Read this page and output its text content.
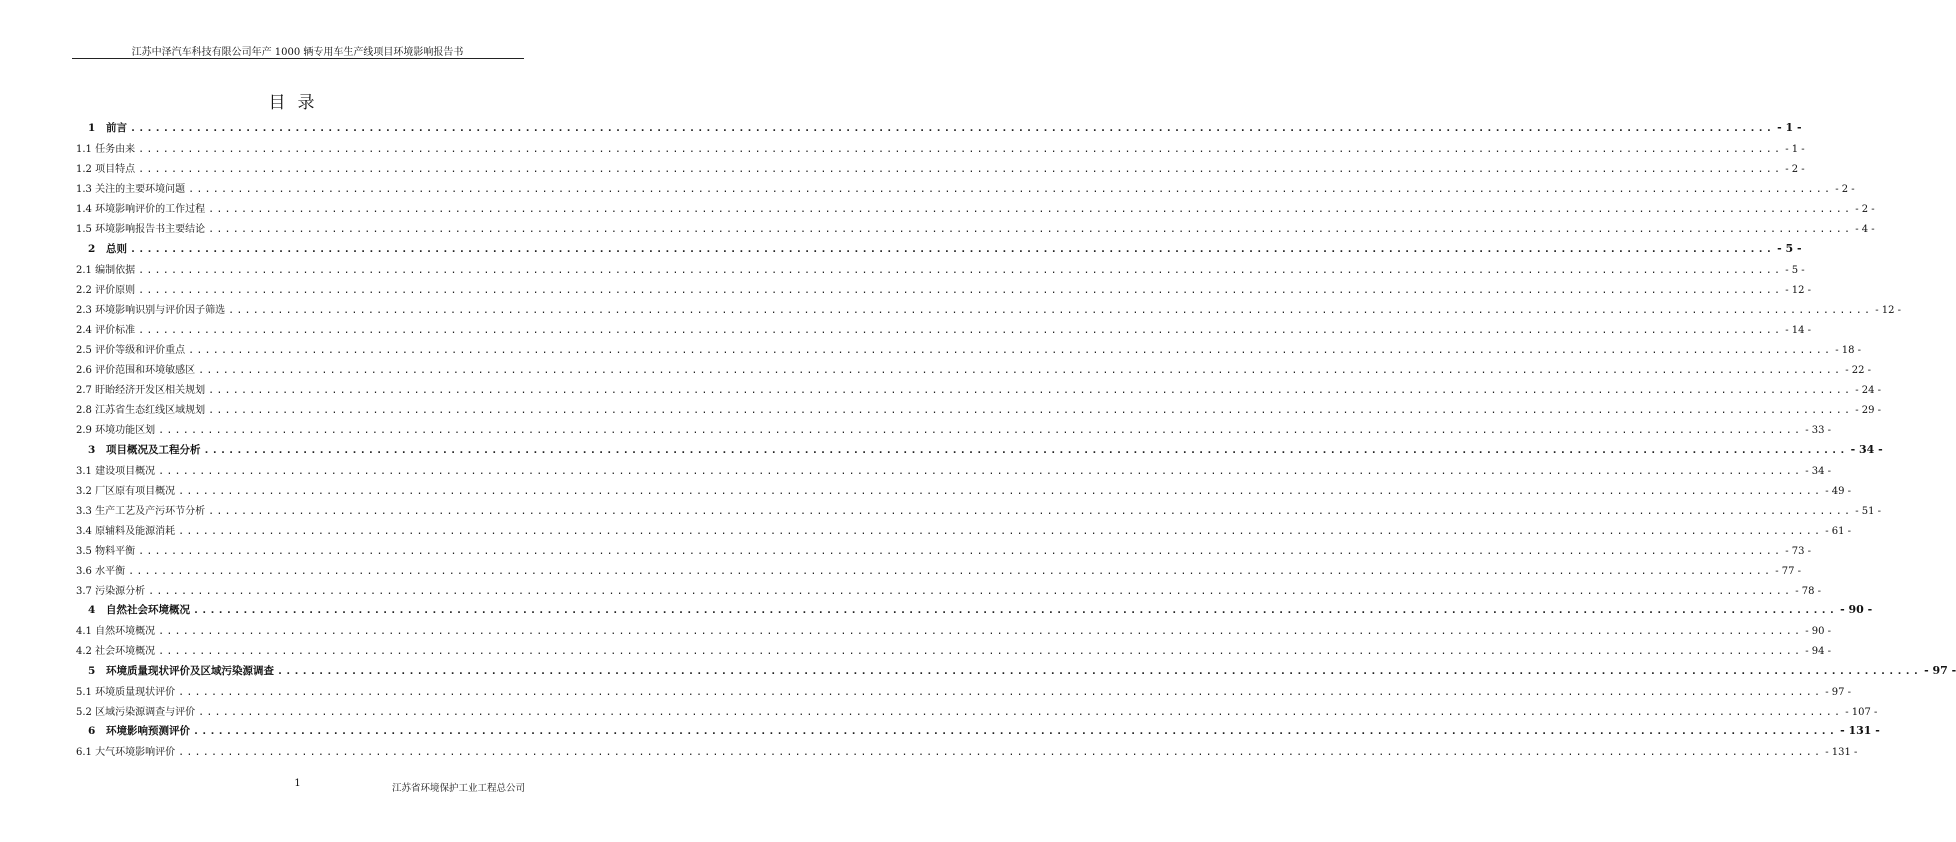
江苏中泽汽车科技有限公司年产 1000 辆专用车生产线项目环境影响报告书
目录
1 前言 ........................................................................................................................................................................................................ - 1 -
1.1 任务由来 ........................................................................................................................................................................................................ - 1 -
1.2 项目特点 ........................................................................................................................................................................................................ - 2 -
1.3 关注的主要环境问题 ........................................................................................................................................................................................................ - 2 -
1.4 环境影响评价的工作过程 ........................................................................................................................................................................................................ - 2 -
1.5 环境影响报告书主要结论 ........................................................................................................................................................................................................ - 4 -
2 总则 ........................................................................................................................................................................................................ - 5 -
2.1 编制依据 ........................................................................................................................................................................................................ - 5 -
2.2 评价原则 ........................................................................................................................................................................................................ - 12 -
2.3 环境影响识别与评价因子筛选 ........................................................................................................................................................................................................ - 12 -
2.4 评价标准 ........................................................................................................................................................................................................ - 14 -
2.5 评价等级和评价重点 ........................................................................................................................................................................................................ - 18 -
2.6 评价范围和环境敏感区 ........................................................................................................................................................................................................ - 22 -
2.7 盱眙经济开发区相关规划 ........................................................................................................................................................................................................ - 24 -
2.8 江苏省生态红线区域规划 ........................................................................................................................................................................................................ - 29 -
2.9 环境功能区划 ........................................................................................................................................................................................................ - 33 -
3 项目概况及工程分析 ........................................................................................................................................................................................................ - 34 -
3.1 建设项目概况 ........................................................................................................................................................................................................ - 34 -
3.2 厂区原有项目概况 ........................................................................................................................................................................................................ - 49 -
3.3 生产工艺及产污环节分析 ........................................................................................................................................................................................................ - 51 -
3.4 原辅料及能源消耗 ........................................................................................................................................................................................................ - 61 -
3.5 物料平衡 ........................................................................................................................................................................................................ - 73 -
3.6 水平衡 ........................................................................................................................................................................................................ - 77 -
3.7 污染源分析 ........................................................................................................................................................................................................ - 78 -
4 自然社会环境概况 ........................................................................................................................................................................................................ - 90 -
4.1 自然环境概况 ........................................................................................................................................................................................................ - 90 -
4.2 社会环境概况 ........................................................................................................................................................................................................ - 94 -
5 环境质量现状评价及区域污染源调查 ........................................................................................................................................................................................................ - 97 -
5.1 环境质量现状评价 ........................................................................................................................................................................................................ - 97 -
5.2 区域污染源调查与评价 ........................................................................................................................................................................................................ - 107 -
6 环境影响预测评价 ........................................................................................................................................................................................................ - 131 -
6.1 大气环境影响评价 ........................................................................................................................................................................................................ - 131 -
1	江苏省环境保护工业工程总公司
